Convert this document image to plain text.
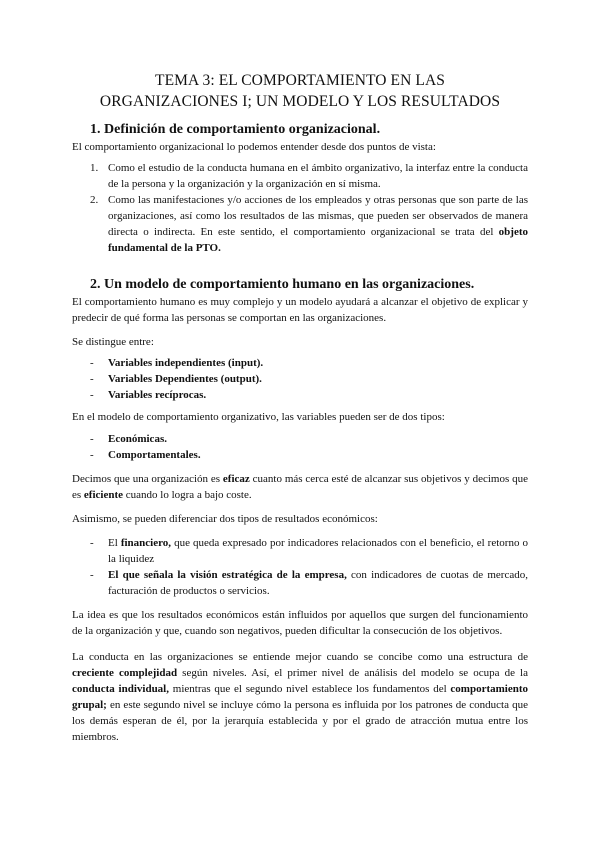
TEMA 3: EL COMPORTAMIENTO EN LAS
ORGANIZACIONES I; UN MODELO Y LOS RESULTADOS
1. Definición de comportamiento organizacional.

El comportamiento organizacional lo podemos entender desde dos puntos de vista:

1. Como el estudio de la conducta humana en el ámbito organizativo, la interfaz entre la conducta de la persona y la organización y la organización en sí misma.
2. Como las manifestaciones y/o acciones de los empleados y otras personas que son parte de las organizaciones, así como los resultados de las mismas, que pueden ser observados de manera directa o indirecta. En este sentido, el comportamiento organizacional se trata del objeto fundamental de la PTO.
2. Un modelo de comportamiento humano en las organizaciones.

El comportamiento humano es muy complejo y un modelo ayudará a alcanzar el objetivo de explicar y predecir de qué forma las personas se comportan en las organizaciones.

Se distingue entre:

- Variables independientes (input).
- Variables Dependientes (output).
- Variables recíprocas.

En el modelo de comportamiento organizativo, las variables pueden ser de dos tipos:

- Económicas.
- Comportamentales.

Decimos que una organización es eficaz cuanto más cerca esté de alcanzar sus objetivos y decimos que es eficiente cuando lo logra a bajo coste.

Asimismo, se pueden diferenciar dos tipos de resultados económicos:

- El financiero, que queda expresado por indicadores relacionados con el beneficio, el retorno o la liquidez
- El que señala la visión estratégica de la empresa, con indicadores de cuotas de mercado, facturación de productos o servicios.

La idea es que los resultados económicos están influidos por aquellos que surgen del funcionamiento de la organización y que, cuando son negativos, pueden dificultar la consecución de los objetivos.

La conducta en las organizaciones se entiende mejor cuando se concibe como una estructura de creciente complejidad según niveles. Así, el primer nivel de análisis del modelo se ocupa de la conducta individual, mientras que el segundo nivel establece los fundamentos del comportamiento grupal; en este segundo nivel se incluye cómo la persona es influida por los patrones de conducta que los demás esperan de él, por la jerarquía establecida y por el grado de atracción mutua entre los miembros.
